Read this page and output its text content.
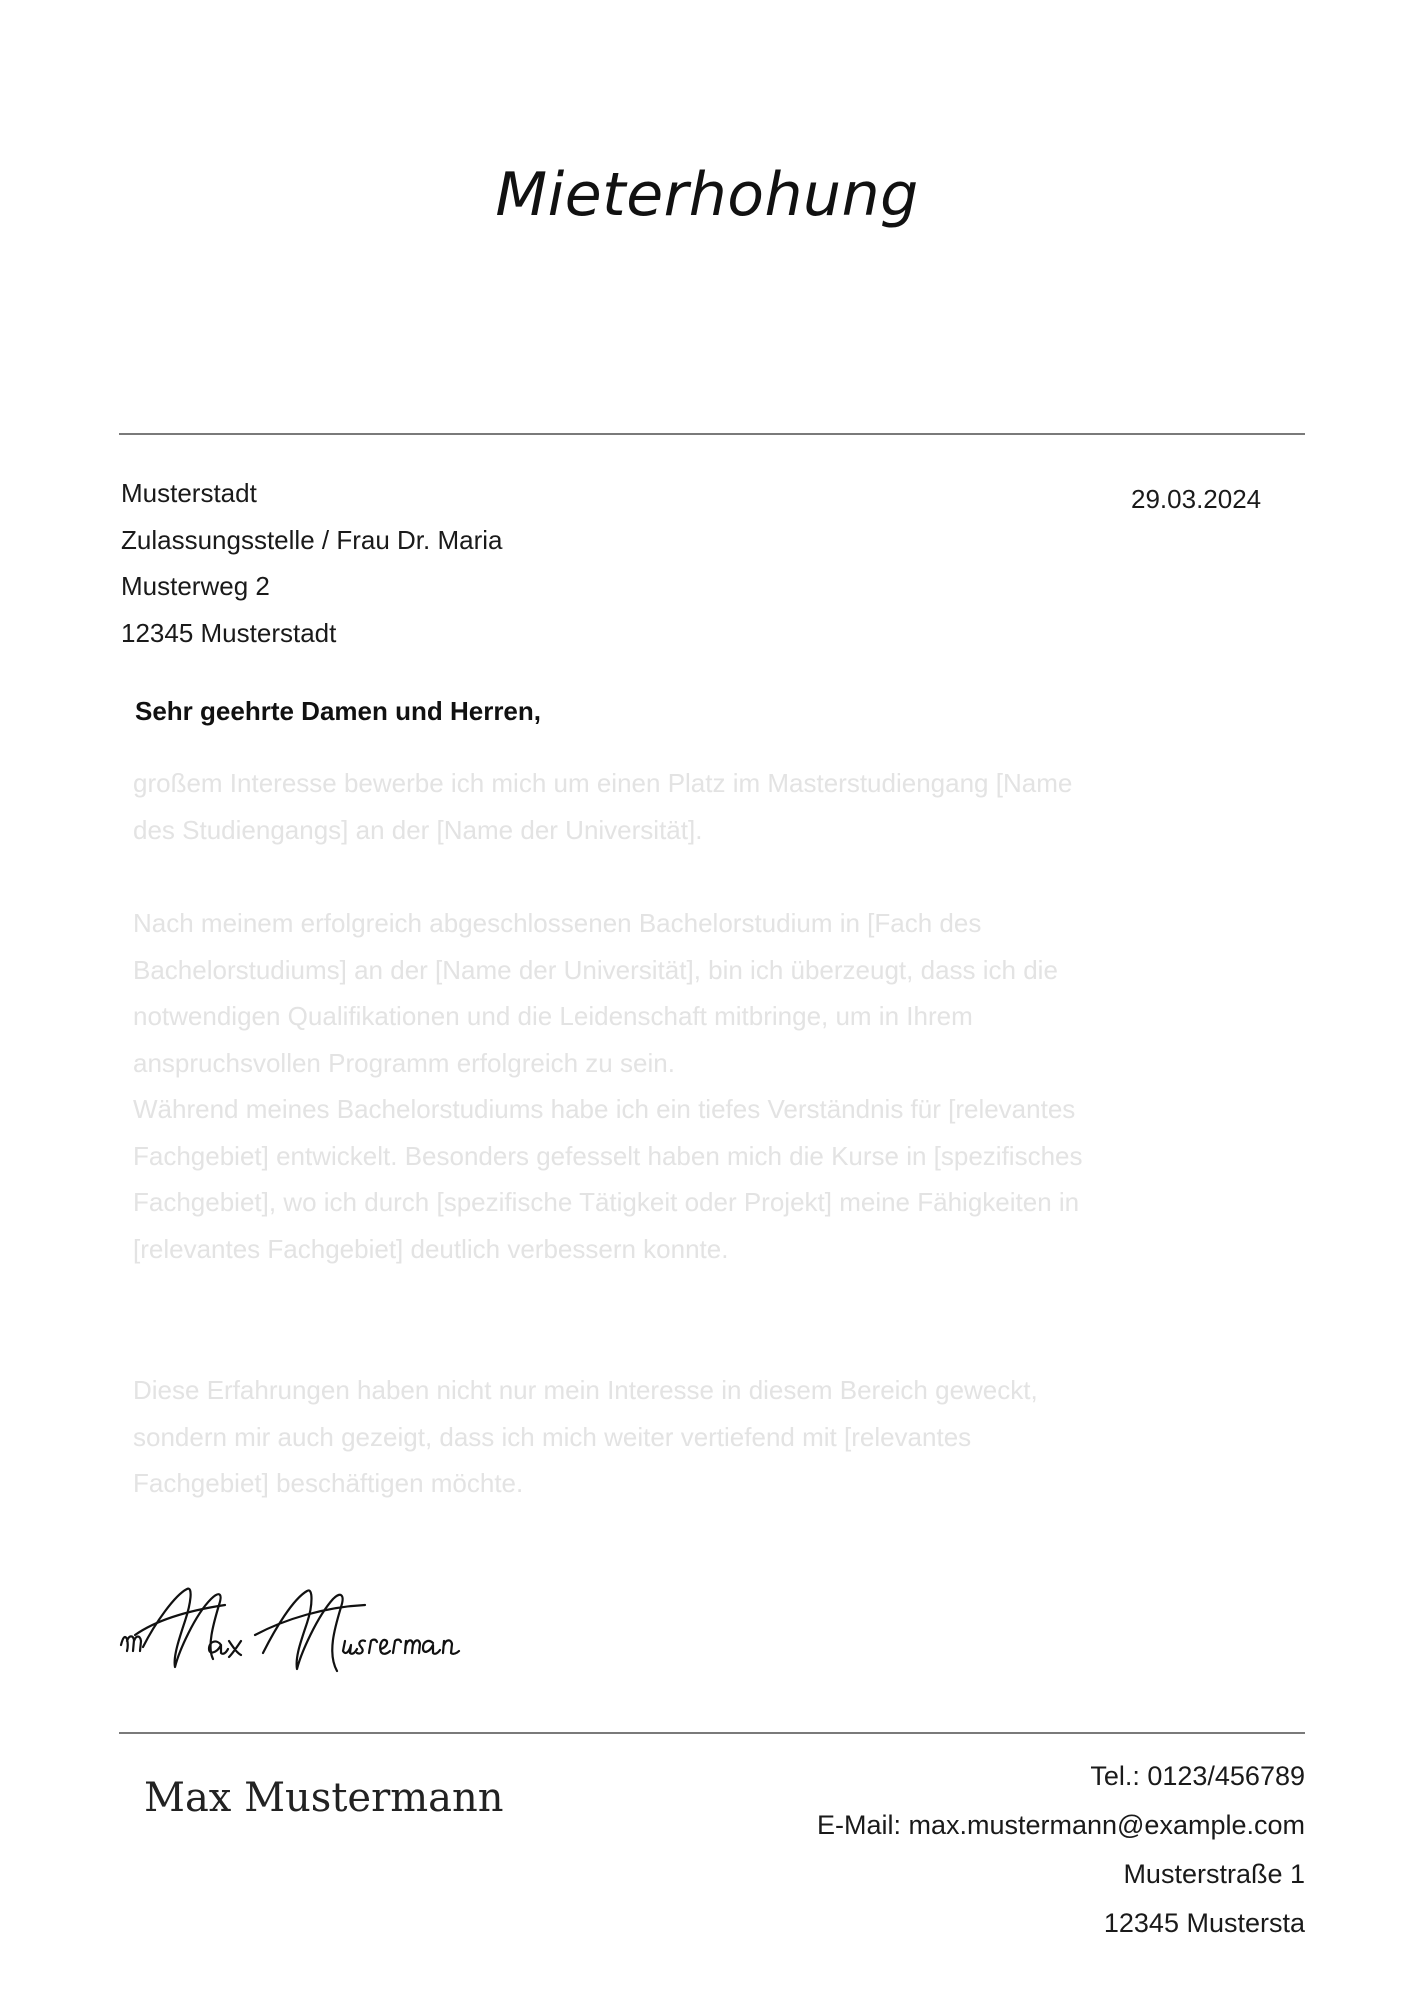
Mieterhohung
Musterstadt
Zulassungsstelle / Frau Dr. Maria
Musterweg 2
12345 Musterstadt
29.03.2024
Sehr geehrte Damen und Herren,
großem Interesse bewerbe ich mich um einen Platz im Masterstudiengang [Name
des Studiengangs] an der [Name der Universität].
Nach meinem erfolgreich abgeschlossenen Bachelorstudium in [Fach des
Bachelorstudiums] an der [Name der Universität], bin ich überzeugt, dass ich die
notwendigen Qualifikationen und die Leidenschaft mitbringe, um in Ihrem
anspruchsvollen Programm erfolgreich zu sein.
Während meines Bachelorstudiums habe ich ein tiefes Verständnis für [relevantes
Fachgebiet] entwickelt. Besonders gefesselt haben mich die Kurse in [spezifisches
Fachgebiet], wo ich durch [spezifische Tätigkeit oder Projekt] meine Fähigkeiten in
[relevantes Fachgebiet] deutlich verbessern konnte.
Diese Erfahrungen haben nicht nur mein Interesse in diesem Bereich geweckt,
sondern mir auch gezeigt, dass ich mich weiter vertiefend mit [relevantes
Fachgebiet] beschäftigen möchte.
Max Mustermann	Tel.: 0123/456789
E-Mail: max.mustermann@example.com
Musterstraße 1
12345 Mustersta
